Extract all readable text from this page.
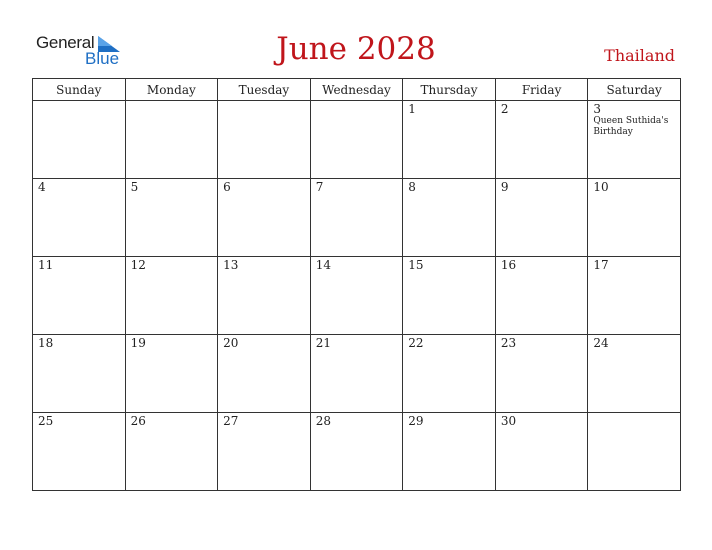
General
Blue	June 2028	Thailand
Sunday	Monday	Tuesday	Wednesday	Thursday	Friday	Saturday

				1	2	3
Queen Suthida's Birthday

4	5	6	7	8	9	10

11	12	13	14	15	16	17

18	19	20	21	22	23	24

25	26	27	28	29	30	
